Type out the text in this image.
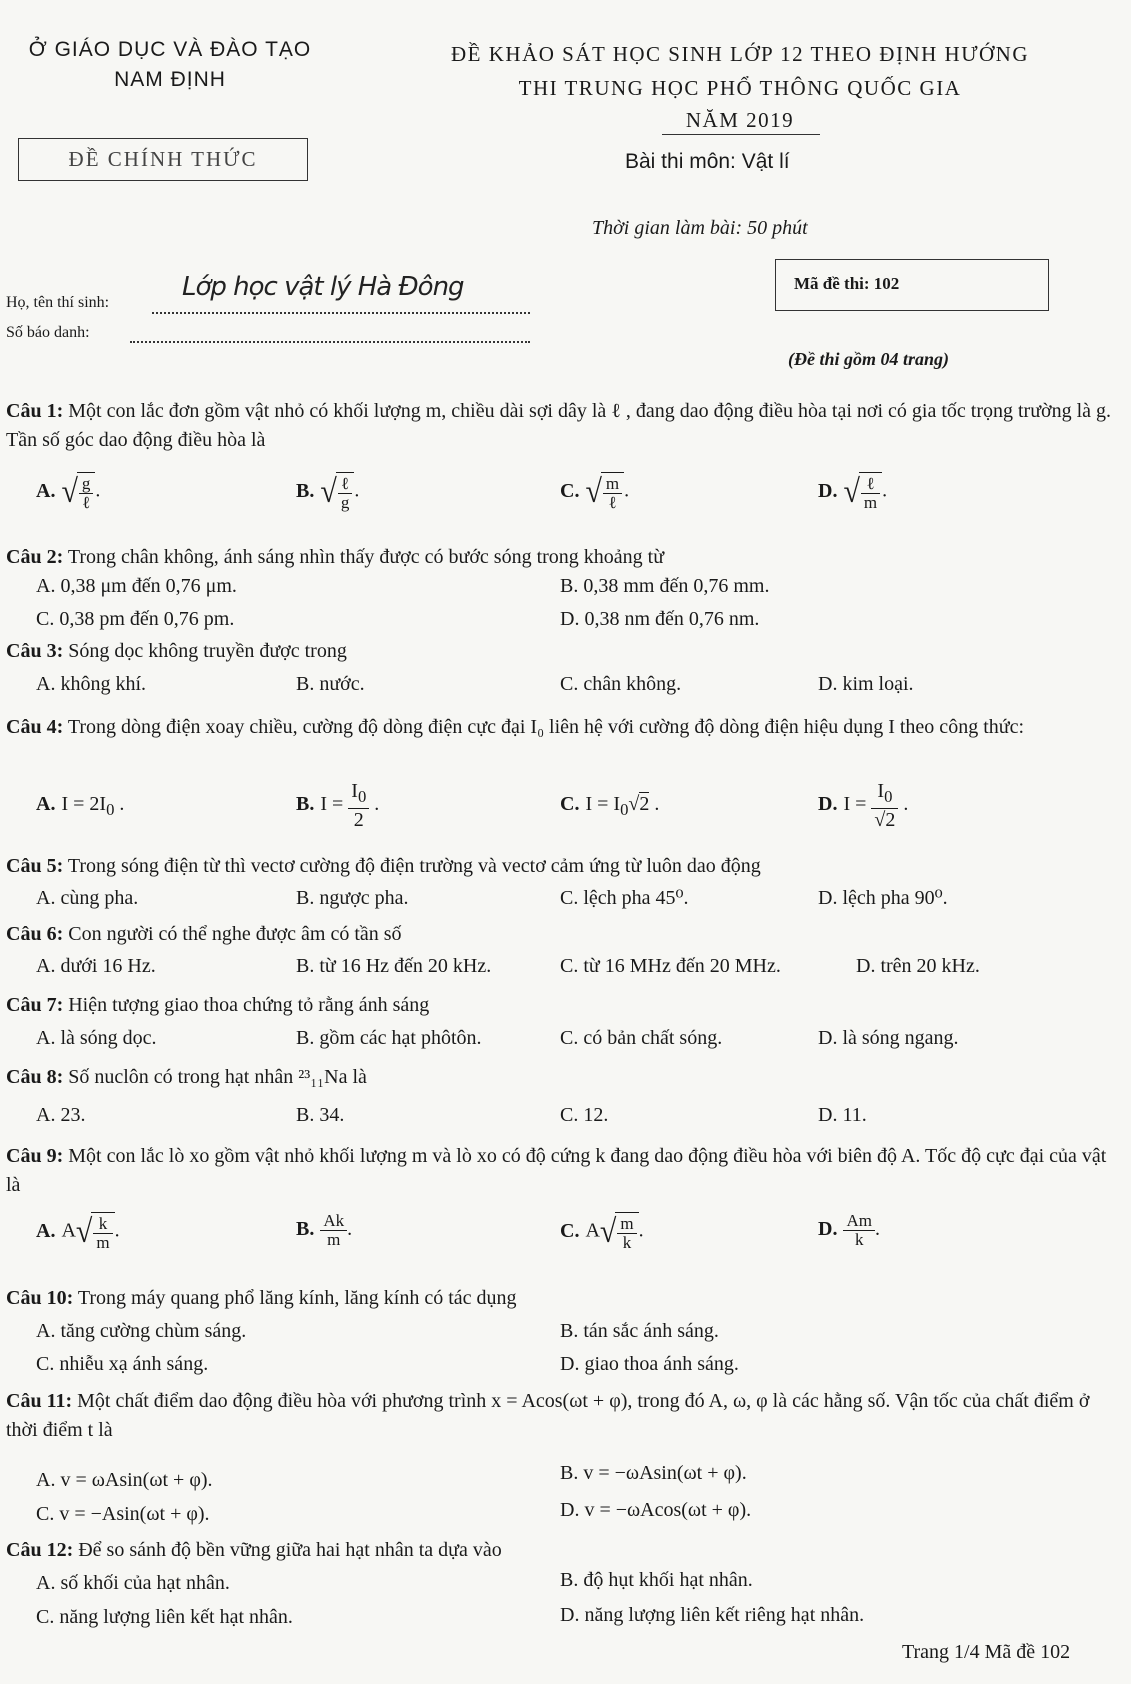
Ở GIÁO DỤC VÀ ĐÀO TẠO
NAM ĐỊNH
ĐỀ KHẢO SÁT HỌC SINH LỚP 12 THEO ĐỊNH HƯỚNG
THI TRUNG HỌC PHỔ THÔNG QUỐC GIA
NĂM 2019
ĐỀ CHÍNH THỨC	Bài thi môn: Vật lí
Thời gian làm bài: 50 phút
Mã đề thi: 102
Họ, tên thí sinh:
Lớp học vật lý Hà Đông
Số báo danh:
(Đề thi gồm 04 trang)
Câu 1: Một con lắc đơn gồm vật nhỏ có khối lượng m, chiều dài sợi dây là ℓ , đang dao động điều hòa tại nơi có gia tốc trọng trường là g. Tần số góc dao động điều hòa là
A. √ $\frac{g}{\text{ℓ}}$ .	B. √ $\frac{\text{ℓ}}{g}$ .	C. √ $\frac{m}{\text{ℓ}}$ .	D. √ $\frac{\text{ℓ}}{m}$ .
Câu 2: Trong chân không, ánh sáng nhìn thấy được có bước sóng trong khoảng từ
A. 0,38 μm đến 0,76 μm.	B. 0,38 mm đến 0,76 mm.
C. 0,38 pm đến 0,76 pm.	D. 0,38 nm đến 0,76 nm.
Câu 3: Sóng dọc không truyền được trong
A. không khí.	B. nước.	C. chân không.	D. kim loại.
Câu 4: Trong dòng điện xoay chiều, cường độ dòng điện cực đại I₀ liên hệ với cường độ dòng điện hiệu dụng I theo công thức:
A. $I = 2I_0$ .	B. $I = \frac{I_0}{2}$ .	C. $I = I_0√2$ .	D. $I = \frac{I_0}{√2}$ .
Câu 5: Trong sóng điện từ thì vectơ cường độ điện trường và vectơ cảm ứng từ luôn dao động
A. cùng pha.	B. ngược pha.	C. lệch pha 45⁰.	D. lệch pha 90⁰.
Câu 6: Con người có thể nghe được âm có tần số
A. dưới 16 Hz.	B. từ 16 Hz đến 20 kHz.	C. từ 16 MHz đến 20 MHz.	D. trên 20 kHz.
Câu 7: Hiện tượng giao thoa chứng tỏ rằng ánh sáng
A. là sóng dọc.	B. gồm các hạt phôtôn.	C. có bản chất sóng.	D. là sóng ngang.
Câu 8: Số nuclôn có trong hạt nhân ²³₁₁Na là
A. 23.	B. 34.	C. 12.	D. 11.
Câu 9: Một con lắc lò xo gồm vật nhỏ khối lượng m và lò xo có độ cứng k đang dao động điều hòa với biên độ A. Tốc độ cực đại của vật là
A. A √ $\frac{k}{m}$ .	B. $\frac{Ak}{m}$ .	C. A √ $\frac{m}{k}$ .	D. $\frac{Am}{k}$ .
Câu 10: Trong máy quang phổ lăng kính, lăng kính có tác dụng
A. tăng cường chùm sáng.	B. tán sắc ánh sáng.
C. nhiễu xạ ánh sáng.	D. giao thoa ánh sáng.
Câu 11: Một chất điểm dao động điều hòa với phương trình x = Acos(ωt + φ), trong đó A, ω, φ là các hằng số. Vận tốc của chất điểm ở thời điểm t là
A. v = ωAsin(ωt + φ).	B. v = −ωAsin(ωt + φ).
C. v = −Asin(ωt + φ).	D. v = −ωAcos(ωt + φ).
Câu 12: Để so sánh độ bền vững giữa hai hạt nhân ta dựa vào
A. số khối của hạt nhân.	B. độ hụt khối hạt nhân.
C. năng lượng liên kết hạt nhân.	D. năng lượng liên kết riêng hạt nhân.
Trang 1/4 Mã đề 102
